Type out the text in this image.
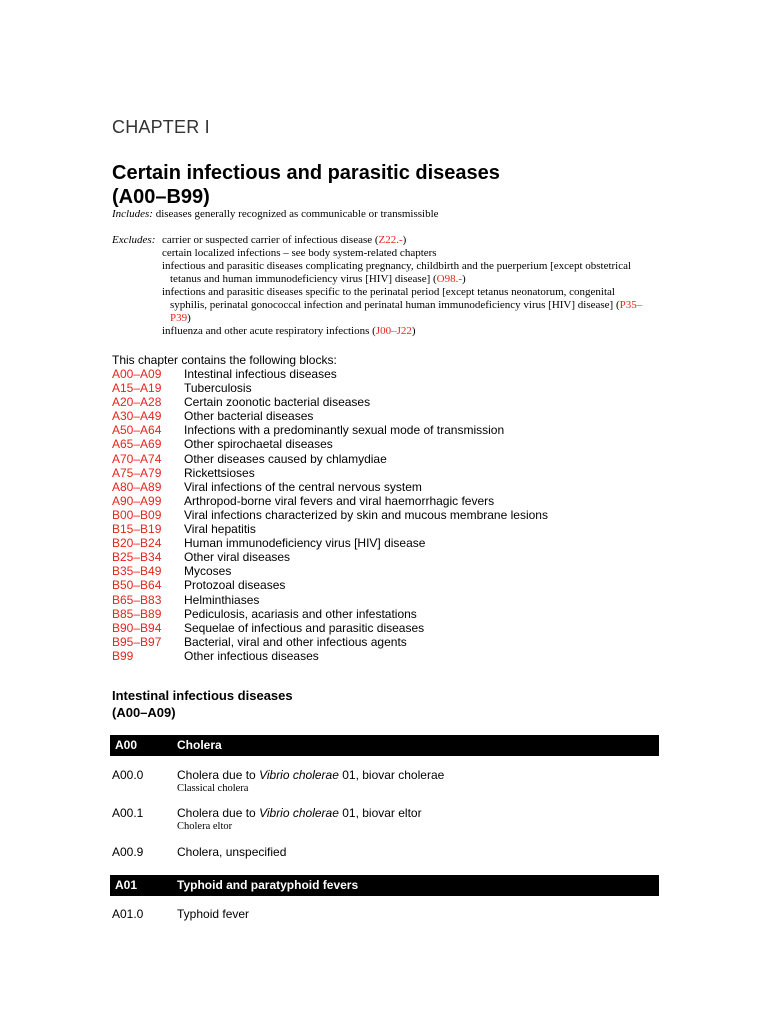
CHAPTER I
Certain infectious and parasitic diseases
(A00–B99)
Includes: diseases generally recognized as communicable or transmissible
Excludes: carrier or suspected carrier of infectious disease (Z22.-)
certain localized infections – see body system-related chapters
infectious and parasitic diseases complicating pregnancy, childbirth and the puerperium [except obstetrical
tetanus and human immunodeficiency virus [HIV] disease] (O98.-)
infections and parasitic diseases specific to the perinatal period [except tetanus neonatorum, congenital
syphilis, perinatal gonococcal infection and perinatal human immunodeficiency virus [HIV] disease] (P35–
P39)
influenza and other acute respiratory infections (J00–J22)
This chapter contains the following blocks:
A00–A09 Intestinal infectious diseases
A15–A19 Tuberculosis
A20–A28 Certain zoonotic bacterial diseases
A30–A49 Other bacterial diseases
A50–A64 Infections with a predominantly sexual mode of transmission
A65–A69 Other spirochaetal diseases
A70–A74 Other diseases caused by chlamydiae
A75–A79 Rickettsioses
A80–A89 Viral infections of the central nervous system
A90–A99 Arthropod-borne viral fevers and viral haemorrhagic fevers
B00–B09 Viral infections characterized by skin and mucous membrane lesions
B15–B19 Viral hepatitis
B20–B24 Human immunodeficiency virus [HIV] disease
B25–B34 Other viral diseases
B35–B49 Mycoses
B50–B64 Protozoal diseases
B65–B83 Helminthiases
B85–B89 Pediculosis, acariasis and other infestations
B90–B94 Sequelae of infectious and parasitic diseases
B95–B97 Bacterial, viral and other infectious agents
B99	Other infectious diseases
Intestinal infectious diseases
(A00–A09)
A00	Cholera
A00.0	Cholera due to Vibrio cholerae 01, biovar cholerae
Classical cholera
A00.1	Cholera due to Vibrio cholerae 01, biovar eltor
Cholera eltor
A00.9	Cholera, unspecified
A01	Typhoid and paratyphoid fevers
A01.0	Typhoid fever
